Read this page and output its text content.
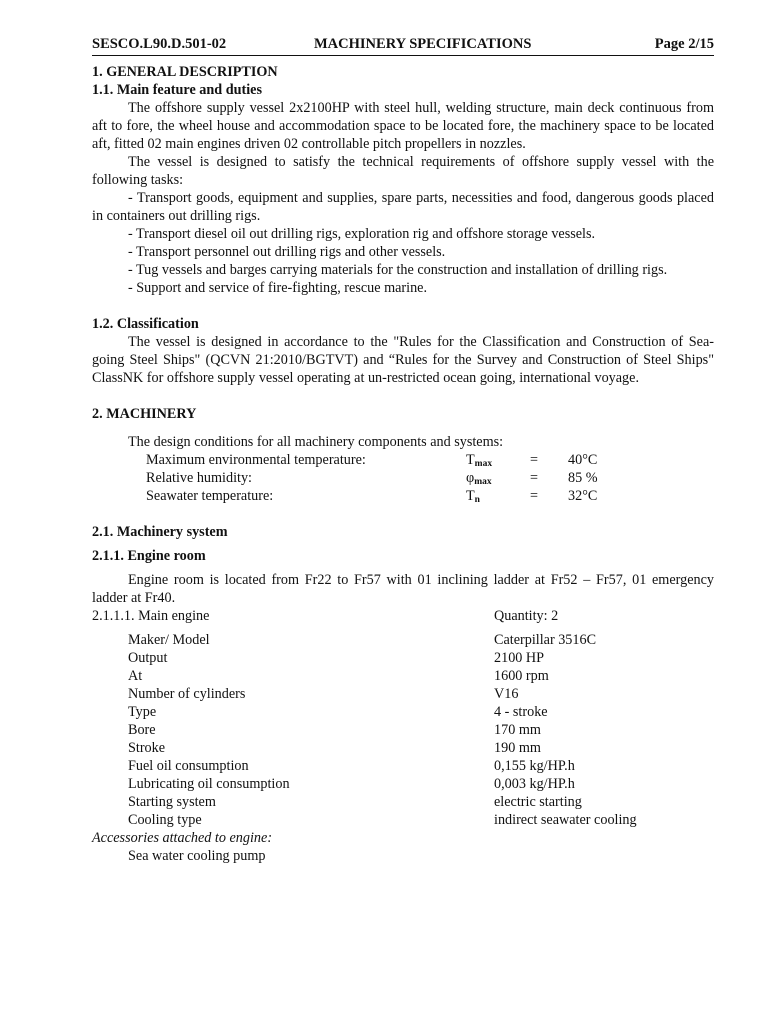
SESCO.L90.D.501-02	MACHINERY SPECIFICATIONS	Page 2/15
1. GENERAL DESCRIPTION
1.1. Main feature and duties

The offshore supply vessel 2x2100HP with steel hull, welding structure, main deck continuous from aft to fore, the wheel house and accommodation space to be located fore, the machinery space to be located aft, fitted 02 main engines driven 02 controllable pitch propellers in nozzles.

The vessel is designed to satisfy the technical requirements of offshore supply vessel with the following tasks:

- Transport goods, equipment and supplies, spare parts, necessities and food, dangerous goods placed in containers out drilling rigs.

- Transport diesel oil out drilling rigs, exploration rig and offshore storage vessels.

- Transport personnel out drilling rigs and other vessels.

- Tug vessels and barges carrying materials for the construction and installation of drilling rigs.

- Support and service of fire-fighting, rescue marine.

1.2. Classification

The vessel is designed in accordance to the "Rules for the Classification and Construction of Sea-going Steel Ships" (QCVN 21:2010/BGTVT) and “Rules for the Survey and Construction of Steel Ships" ClassNK for offshore supply vessel operating at un-restricted ocean going, international voyage.

2. MACHINERY

The design conditions for all machinery components and systems:

Maximum environmental temperature:	$T_{max}$	= 40°C
Relative humidity:	$\varphi_{max}$	= 85 %
Seawater temperature:	$T_n$	= 32°C
2.1. Machinery system
2.1.1. Engine room

Engine room is located from Fr22 to Fr57 with 01 inclining ladder at Fr52 – Fr57, 01 emergency ladder at Fr40.

2.1.1.1. Main engine	Quantity: 2
Maker/ Model	Caterpillar 3516C
Output	2100 HP
At	1600 rpm
Number of cylinders	V16
Type	4 - stroke
Bore	170 mm
Stroke	190 mm
Fuel oil consumption	0,155 kg/HP.h
Lubricating oil consumption	0,003 kg/HP.h
Starting system	electric starting
Cooling type	indirect seawater cooling
Accessories attached to engine:
Sea water cooling pump
